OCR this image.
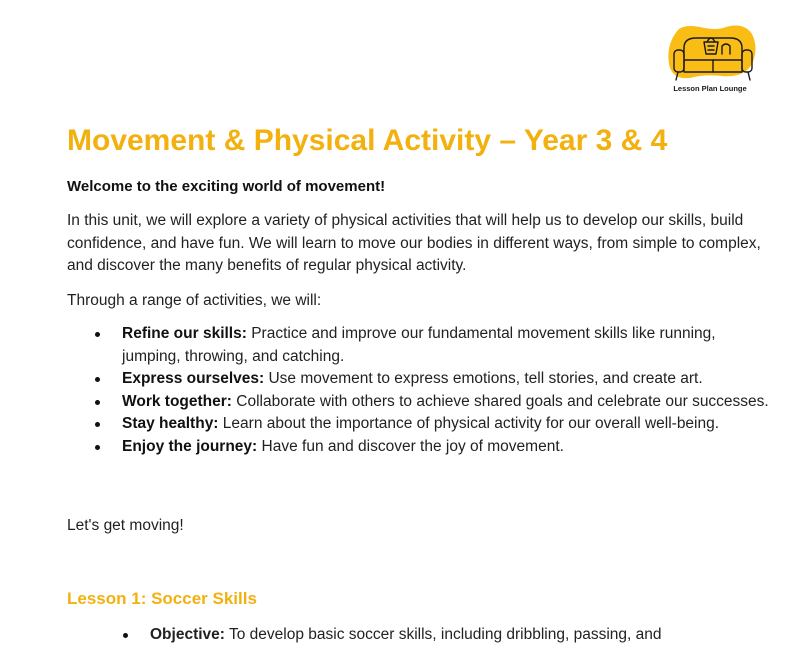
Lesson Plan Lounge
Movement & Physical Activity – Year 3 & 4

Welcome to the exciting world of movement!

In this unit, we will explore a variety of physical activities that will help us to develop our skills, build confidence, and have fun. We will learn to move our bodies in different ways, from simple to complex, and discover the many benefits of regular physical activity.

Through a range of activities, we will:

Refine our skills: Practice and improve our fundamental movement skills like running, jumping, throwing, and catching.
Express ourselves: Use movement to express emotions, tell stories, and create art.
Work together: Collaborate with others to achieve shared goals and celebrate our successes.
Stay healthy: Learn about the importance of physical activity for our overall well-being.
Enjoy the journey: Have fun and discover the joy of movement.

Let's get moving!

Lesson 1: Soccer Skills
Objective: To develop basic soccer skills, including dribbling, passing, and
